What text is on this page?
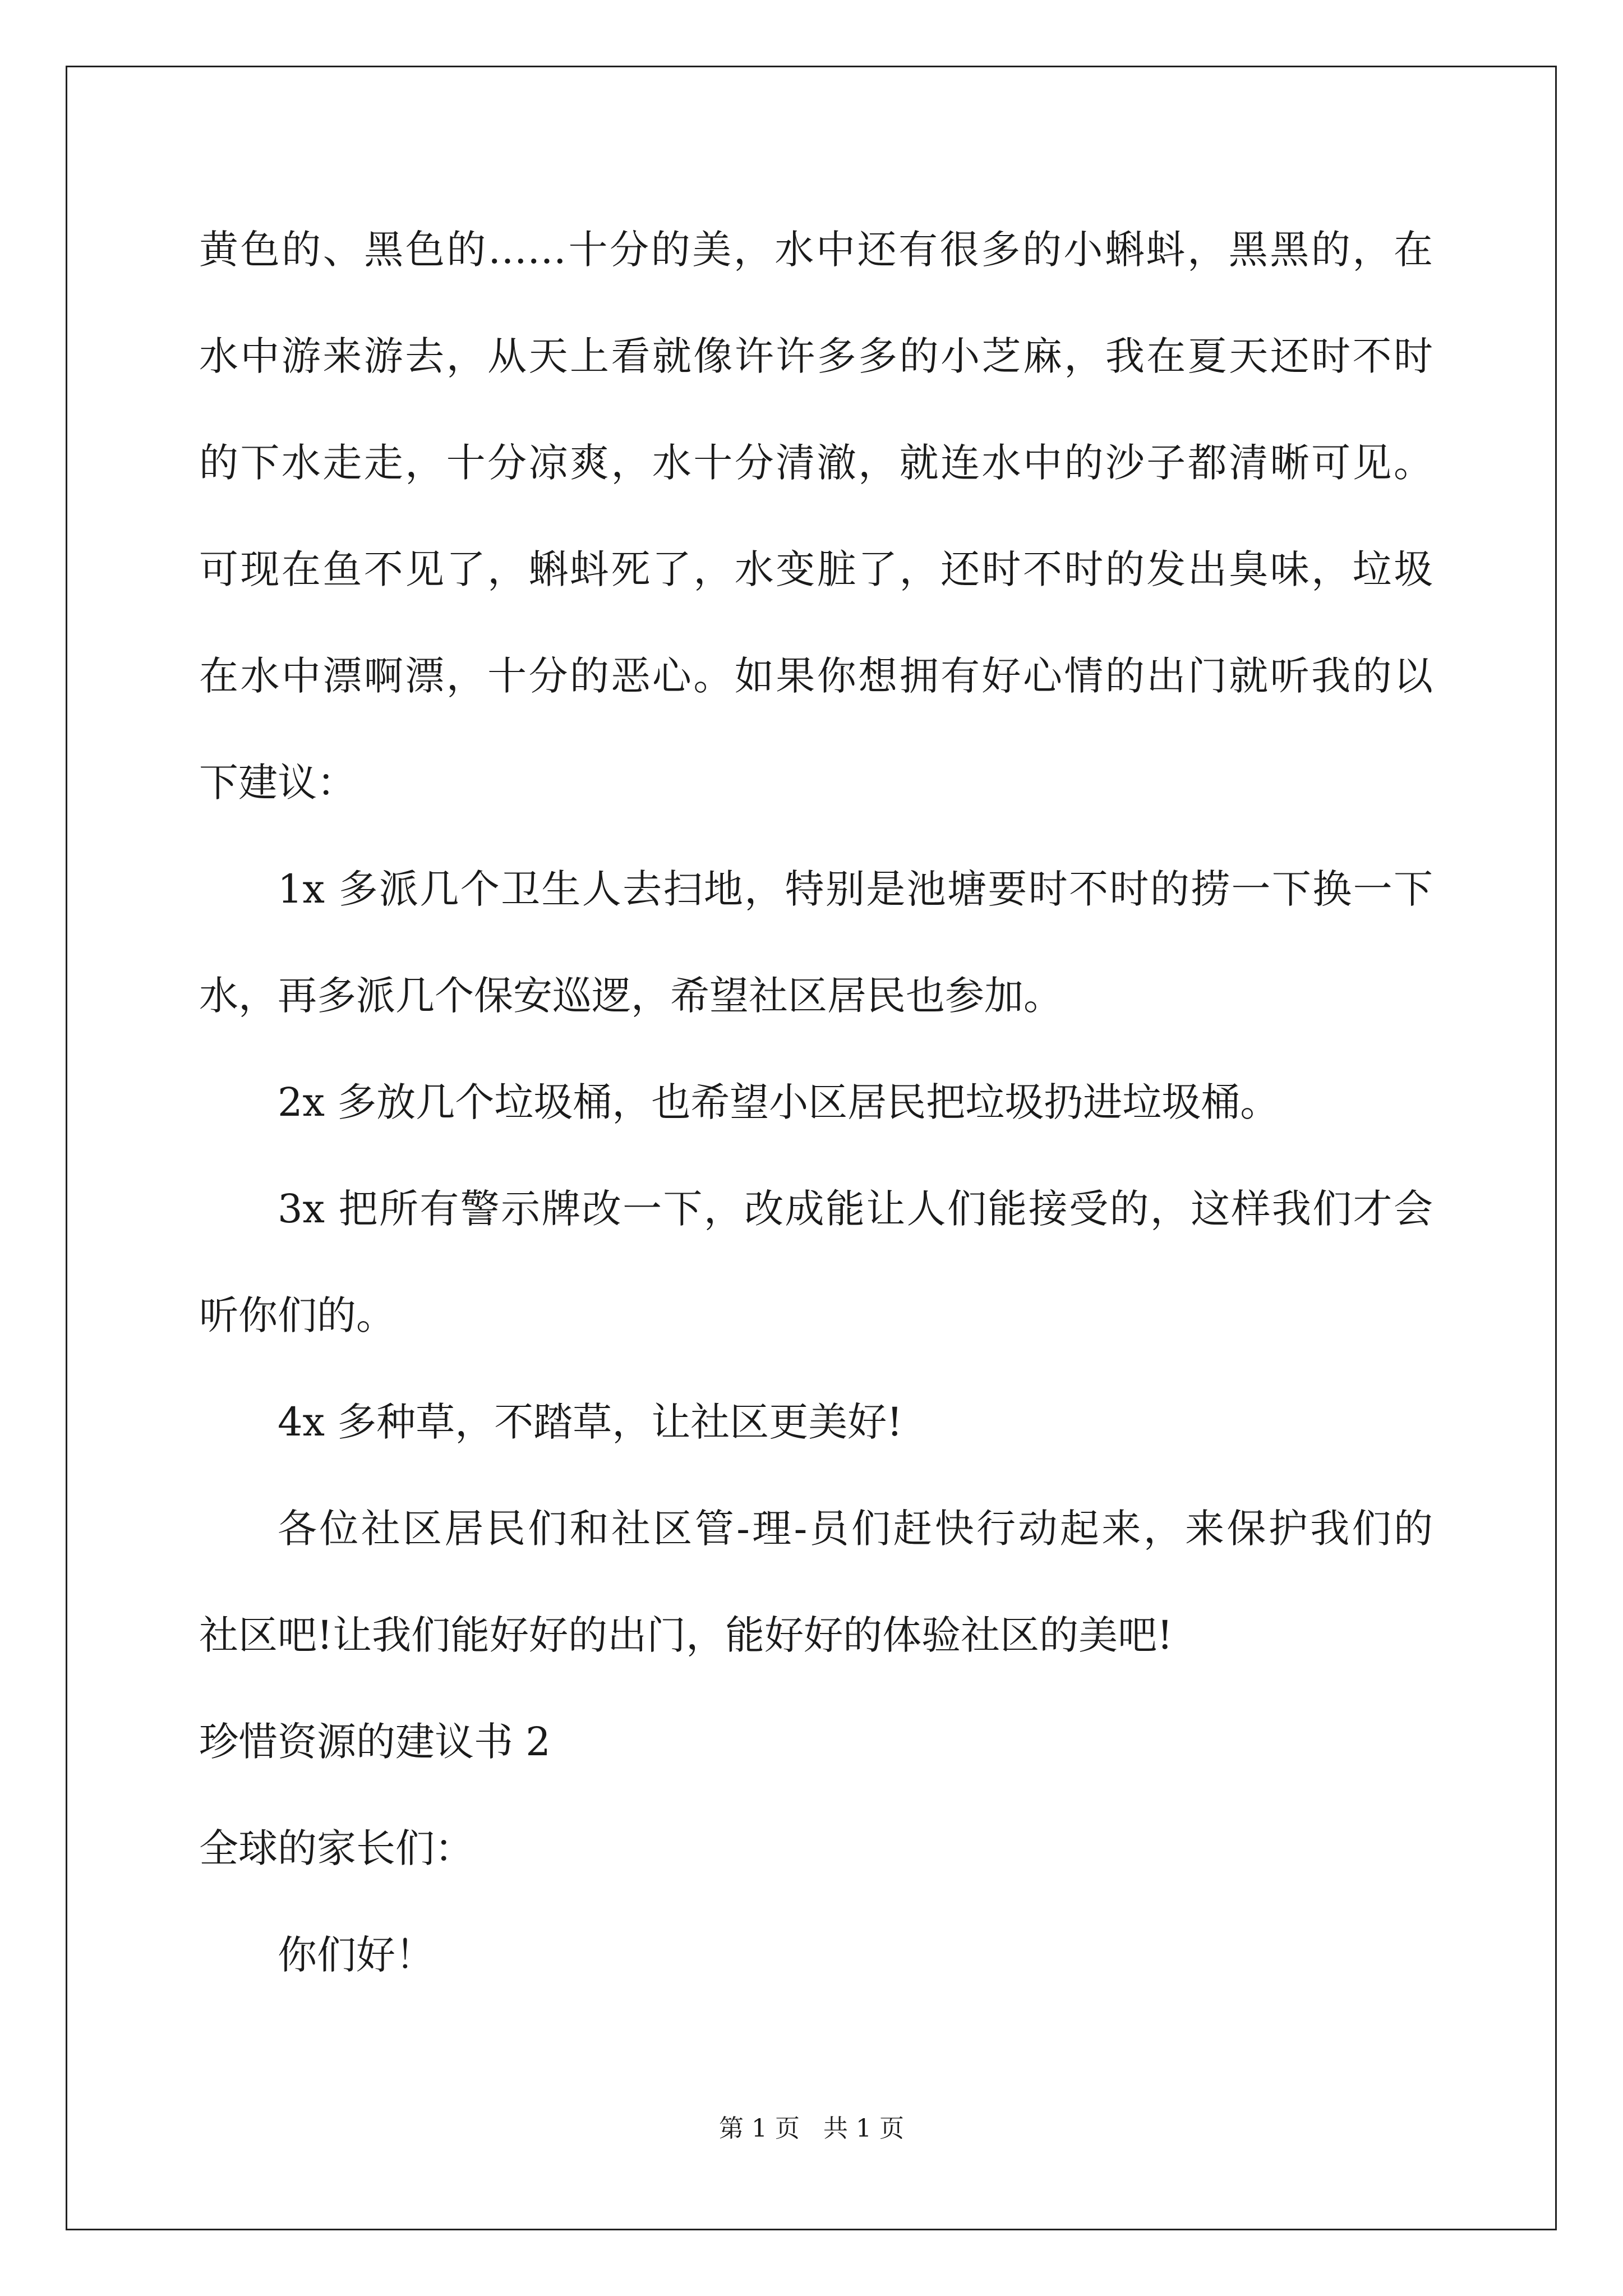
黄色的、黑色的……十分的美，水中还有很多的小蝌蚪，黑黑的，在
水中游来游去，从天上看就像许许多多的小芝麻，我在夏天还时不时
的下水走走，十分凉爽，水十分清澈，就连水中的沙子都清晰可见。
可现在鱼不见了，蝌蚪死了，水变脏了，还时不时的发出臭味，垃圾
在水中漂啊漂，十分的恶心。如果你想拥有好心情的出门就听我的以
下建议：
1x 多派几个卫生人去扫地，特别是池塘要时不时的捞一下换一下
水，再多派几个保安巡逻，希望社区居民也参加。
2x 多放几个垃圾桶，也希望小区居民把垃圾扔进垃圾桶。
3x 把所有警示牌改一下，改成能让人们能接受的，这样我们才会
听你们的。
4x 多种草，不踏草，让社区更美好!
各位社区居民们和社区管-理-员们赶快行动起来，来保护我们的
社区吧!让我们能好好的出门，能好好的体验社区的美吧!
珍惜资源的建议书 2
全球的家长们：
你们好！
第 1 页   共 1 页
